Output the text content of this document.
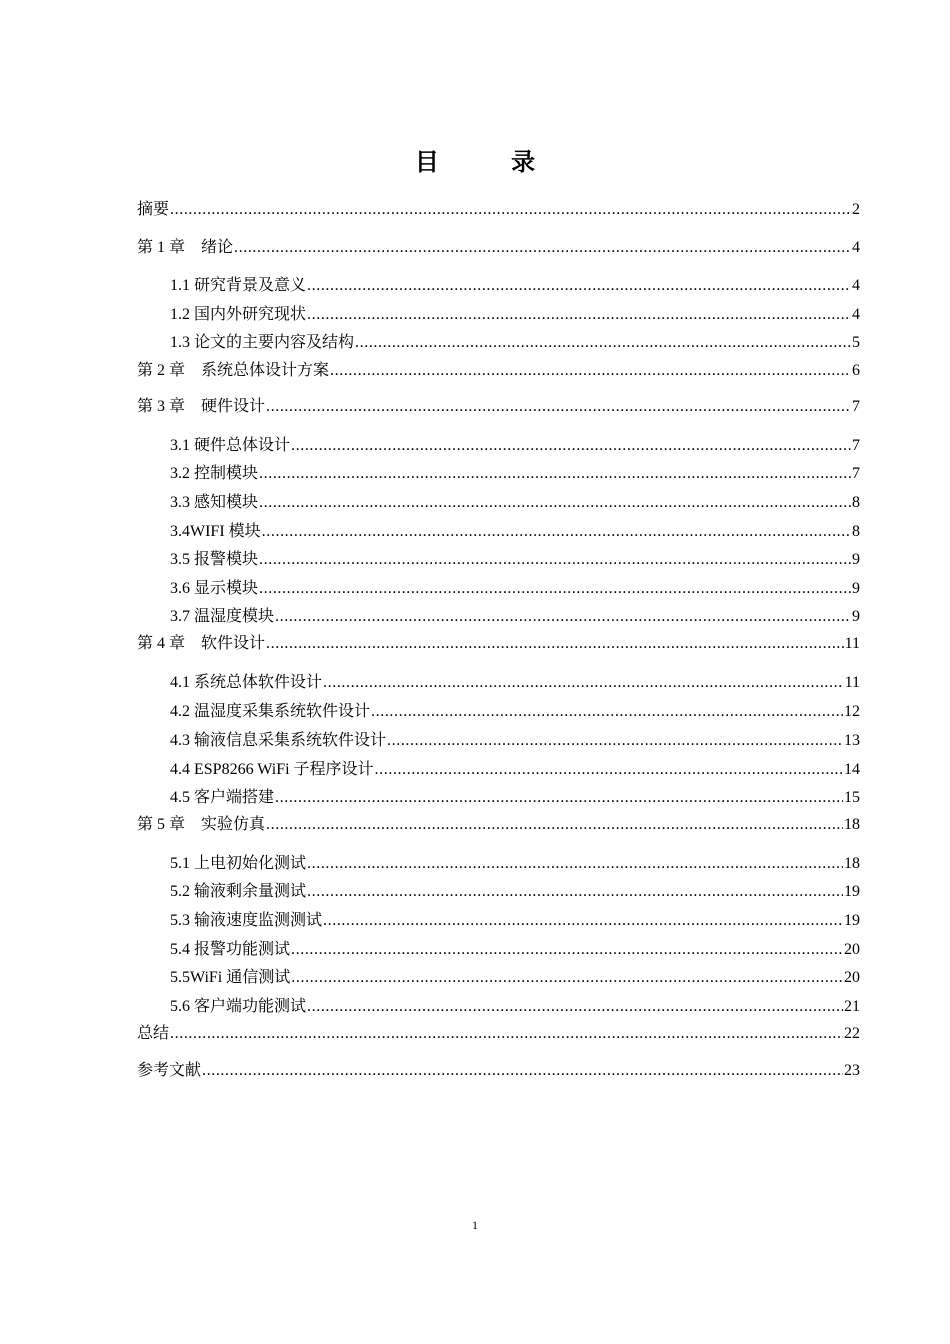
目 录
摘要 .....	2
第 1 章　绪论 .....	4
1.1 研究背景及意义 .....	4
1.2 国内外研究现状 .....	4
1.3 论文的主要内容及结构 .....	5
第 2 章　系统总体设计方案 .....	6
第 3 章　硬件设计 .....	7
3.1 硬件总体设计 .....	7
3.2 控制模块 .....	7
3.3 感知模块 .....	8
3.4WIFI 模块 .....	8
3.5 报警模块 .....	9
3.6 显示模块 .....	9
3.7 温湿度模块 .....	9
第 4 章　软件设计 .....	11
4.1 系统总体软件设计 .....	11
4.2 温湿度采集系统软件设计 .....	12
4.3 输液信息采集系统软件设计 .....	13
4.4 ESP8266 WiFi 子程序设计 .....	14
4.5 客户端搭建 .....	15
第 5 章　实验仿真 .....	18
5.1 上电初始化测试 .....	18
5.2 输液剩余量测试 .....	19
5.3 输液速度监测测试 .....	19
5.4 报警功能测试 .....	20
5.5WiFi 通信测试 .....	20
5.6 客户端功能测试 .....	21
总结 .....	22
参考文献 .....	23
1
